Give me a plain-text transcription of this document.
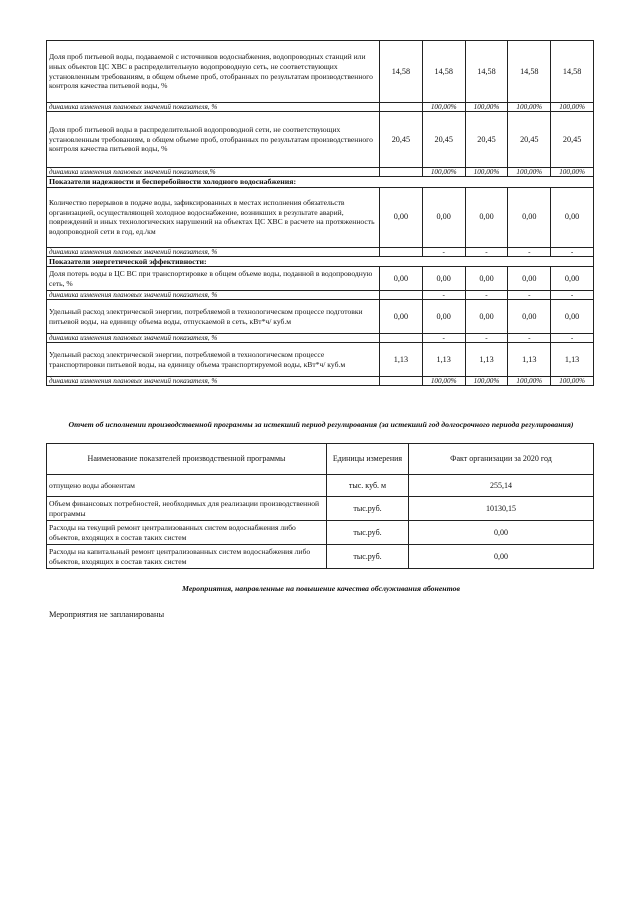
Доля проб питьевой воды, подаваемой с источников водоснабжения, водопроводных станций или иных объектов ЦС ХВС в распределительную водопроводную сеть, не соответствующих установленным требованиям, в общем объеме проб, отобранных по результатам производственного контроля качества питьевой воды, %	14,58	14,58	14,58	14,58	14,58
динамика изменения плановых значений показателя, %		100,00%	100,00%	100,00%	100,00%
Доля проб питьевой воды в распределительной водопроводной сети, не соответствующих установленным требованиям, в общем объеме проб, отобранных по результатам производственного контроля качества питьевой воды, %	20,45	20,45	20,45	20,45	20,45
динамика изменения плановых значений показателя,%		100,00%	100,00%	100,00%	100,00%
Показатели надежности и бесперебойности холодного водоснабжения:					
Количество перерывов в подаче воды, зафиксированных в местах исполнения обязательств организацией, осуществляющей холодное водоснабжение, возникших в результате аварий, повреждений и иных технологических нарушений на объектах ЦС ХВС в расчете на протяженность водопроводной сети в год, ед./км	0,00	0,00	0,00	0,00	0,00
динамика изменения плановых значений показателя, %		-	-	-	-
Показатели энергетической эффективности:					
Доля потерь воды в ЦС ВС при транспортировке в общем объеме воды, поданной в водопроводную сеть, %	0,00	0,00	0,00	0,00	0,00
динамика изменения плановых значений показателя, %		-	-	-	-
Удельный расход электрической энергии, потребляемой в технологическом процессе подготовки питьевой воды, на единицу объема воды, отпускаемой в сеть, кВт*ч/ куб.м	0,00	0,00	0,00	0,00	0,00
динамика изменения плановых значений показателя, %		-	-	-	-
Удельный расход электрической энергии, потребляемой в технологическом процессе транспортировки питьевой воды, на единицу объема транспортируемой воды, кВт*ч/ куб.м	1,13	1,13	1,13	1,13	1,13
динамика изменения плановых значений показателя, %		100,00%	100,00%	100,00%	100,00%
Отчет об исполнении производственной программы за истекший период регулирования (за истекший год долгосрочного периода регулирования)
Наименование показателей производственной программы	Единицы измерения	Факт организации за 2020 год
отпущено воды абонентам	тыс. куб. м	255,14
Объем финансовых потребностей, необходимых для реализации производственной программы	тыс.руб.	10130,15
Расходы на текущий ремонт централизованных систем водоснабжения либо объектов, входящих в состав таких систем	тыс.руб.	0,00
Расходы на капитальный ремонт централизованных систем водоснабжения либо объектов, входящих в состав таких систем	тыс.руб.	0,00
Мероприятия, направленные на повышение качества обслуживания абонентов
Мероприятия не запланированы
